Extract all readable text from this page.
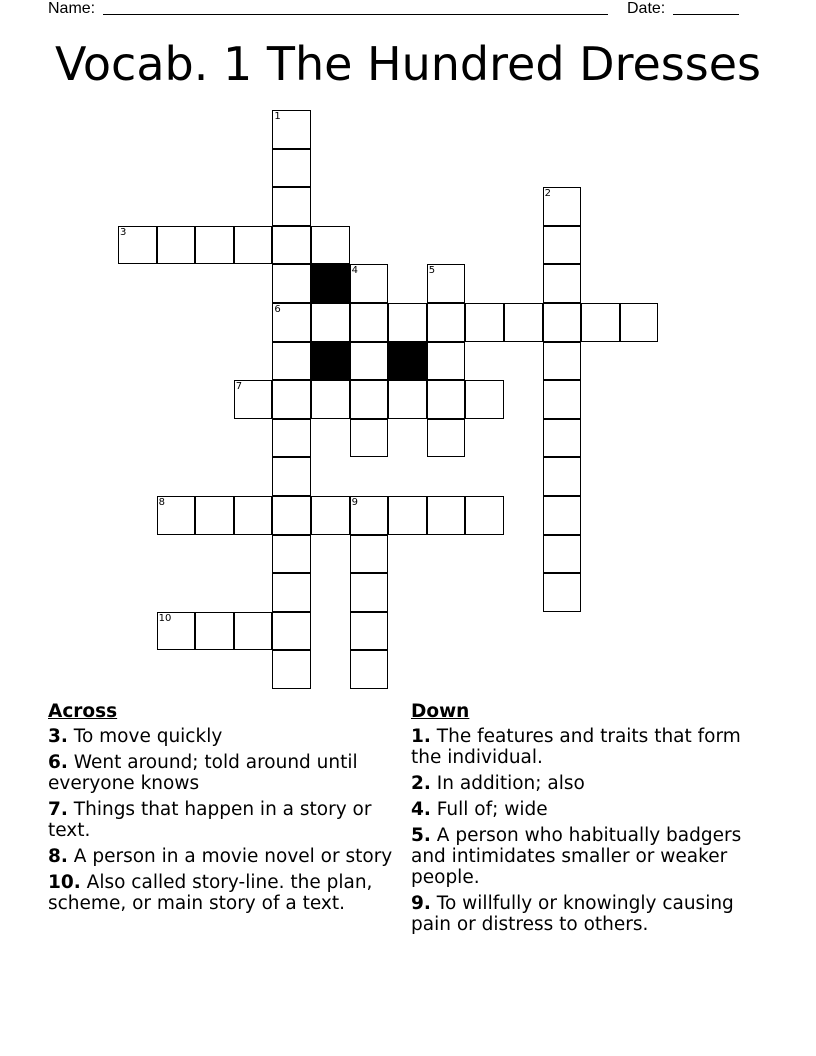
Name:	Date:
Vocab. 1 The Hundred Dresses
1
2
3
4	5
6
7
8	9
10
Across
3. To move quickly
6. Went around; told around until everyone knows
7. Things that happen in a story or text.
8. A person in a movie novel or story
10. Also called story-line. the plan, scheme, or main story of a text.
Down
1. The features and traits that form the individual.
2. In addition; also
4. Full of; wide
5. A person who habitually badgers and intimidates smaller or weaker people.
9. To willfully or knowingly causing pain or distress to others.
